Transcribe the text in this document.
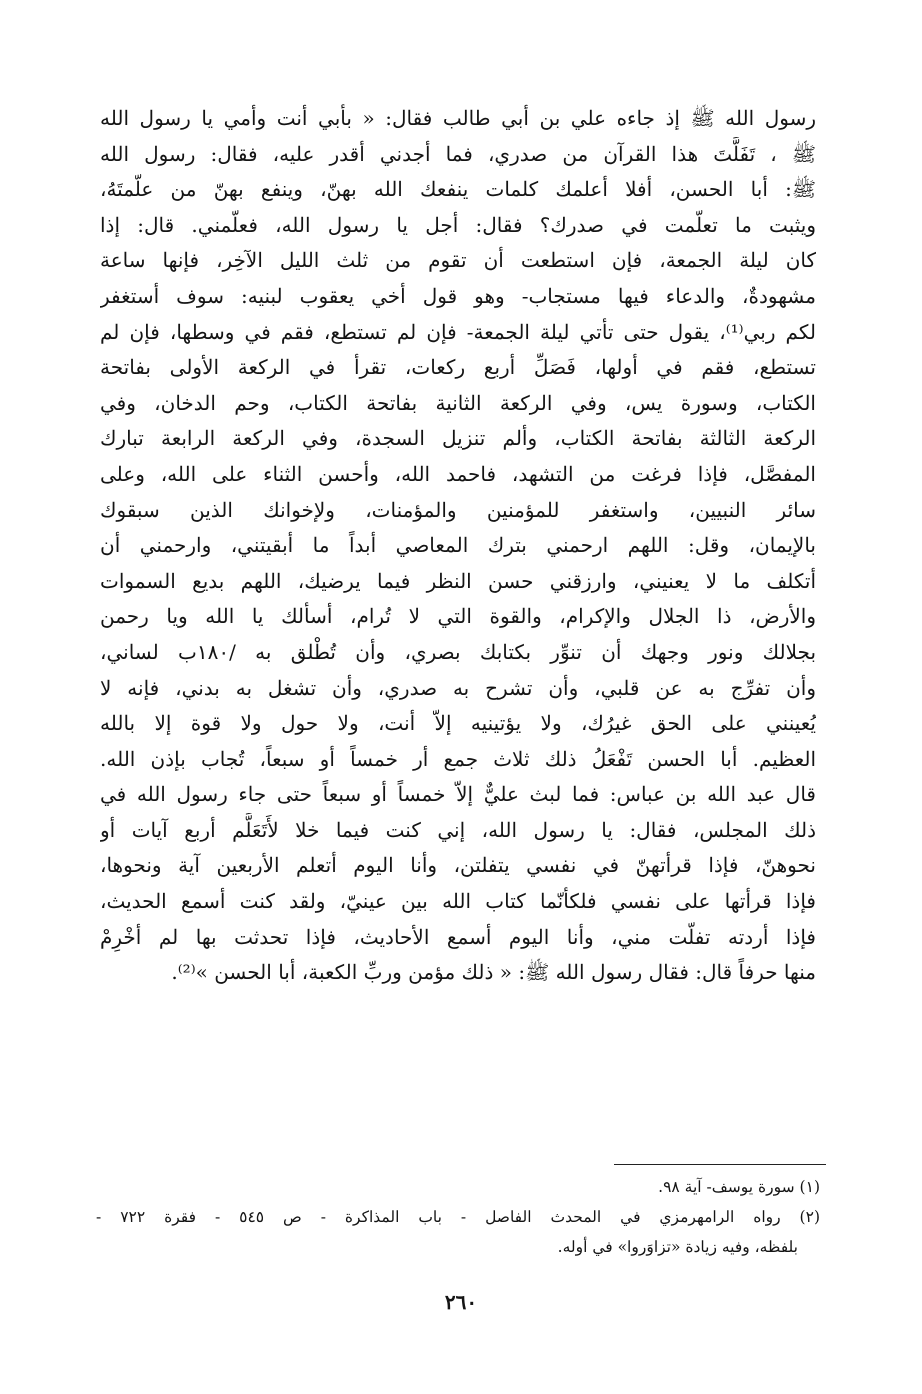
رسول الله ﷺ إذ جاءه علي بن أبي طالب فقال: « بأبي أنت وأمي يا رسول الله
ﷺ ، تَفَلَّتَ هذا القرآن من صدري، فما أجدني أقدر عليه، فقال: رسول الله
ﷺ: أبا الحسن، أفلا أعلمك كلمات ينفعك الله بهنّ، وينفع بهنّ من علّمتَهُ،
ويثبت ما تعلّمت في صدرك؟ فقال: أجل يا رسول الله، فعلّمني. قال: إذا
كان ليلة الجمعة، فإن استطعت أن تقوم من ثلث الليل الآخِر، فإنها ساعة
مشهودةٌ، والدعاء فيها مستجاب- وهو قول أخي يعقوب لبنيه: سوف أستغفر
لكم ربي⁽¹⁾، يقول حتى تأتي ليلة الجمعة- فإن لم تستطع، فقم في وسطها، فإن لم
تستطع، فقم في أولها، فَصَلِّ أربع ركعات، تقرأ في الركعة الأولى بفاتحة
الكتاب، وسورة يس، وفي الركعة الثانية بفاتحة الكتاب، وحم الدخان، وفي
الركعة الثالثة بفاتحة الكتاب، وألم تنزيل السجدة، وفي الركعة الرابعة تبارك
المفصَّل، فإذا فرغت من التشهد، فاحمد الله، وأحسن الثناء على الله، وعلى
سائر النبيين، واستغفر للمؤمنين والمؤمنات، ولإخوانك الذين سبقوك
بالإيمان، وقل: اللهم ارحمني بترك المعاصي أبداً ما أبقيتني، وارحمني أن
أتكلف ما لا يعنيني، وارزقني حسن النظر فيما يرضيك، اللهم بديع السموات
والأرض، ذا الجلال والإكرام، والقوة التي لا تُرام، أسألك يا الله ويا رحمن
بجلالك ونور وجهك أن تنوِّر بكتابك بصري، وأن تُطْلق به /١٨٠ب لساني،
وأن تفرِّج به عن قلبي، وأن تشرح به صدري، وأن تشغل به بدني، فإنه لا
يُعينني على الحق غيرُك، ولا يؤتينيه إلاّ أنت، ولا حول ولا قوة إلا بالله
العظيم. أبا الحسن تَفْعَلُ ذلك ثلاث جمع أر خمساً أو سبعاً، تُجاب بإذن الله.
قال عبد الله بن عباس: فما لبث عليٌّ إلاّ خمساً أو سبعاً حتى جاء رسول الله في
ذلك المجلس، فقال: يا رسول الله، إني كنت فيما خلا لأَتَعَلَّم أربع آيات أو
نحوهنّ، فإذا قرأتهنّ في نفسي يتفلتن، وأنا اليوم أتعلم الأربعين آية ونحوها،
فإذا قرأتها على نفسي فلكأنّما كتاب الله بين عينيّ، ولقد كنت أسمع الحديث،
فإذا أردته تفلّت مني، وأنا اليوم أسمع الأحاديث، فإذا تحدثت بها لم أخْرِمْ
منها حرفاً قال: فقال رسول الله ﷺ: « ذلك مؤمن وربِّ الكعبة، أبا الحسن »⁽²⁾.
(١) سورة يوسف- آية ٩٨.
(٢) رواه الرامهرمزي في المحدث الفاصل - باب المذاكرة - ص ٥٤٥ - فقرة ٧٢٢ -
بلفظه، وفيه زيادة «تزاوَروا» في أوله.
٢٦٠
